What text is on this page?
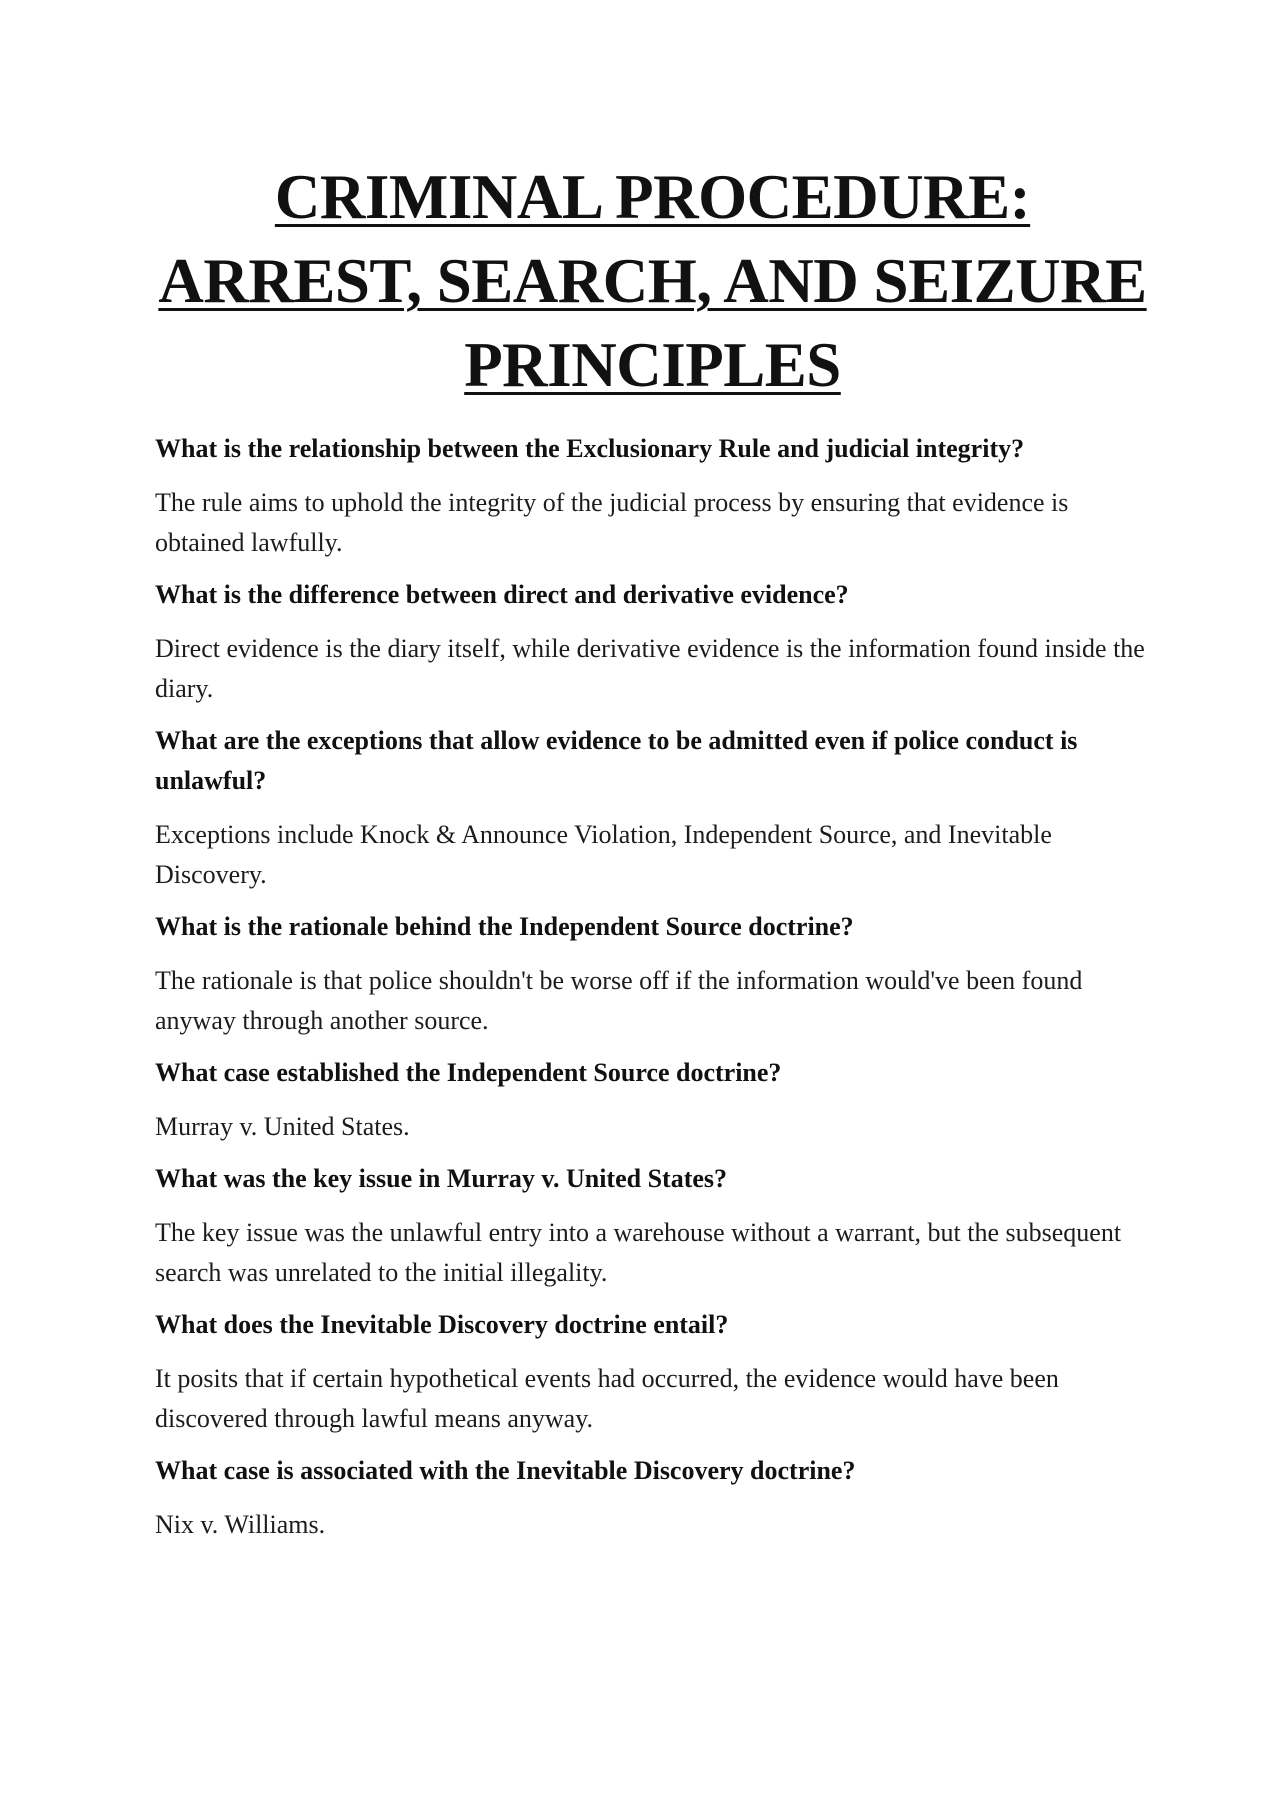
CRIMINAL PROCEDURE:
ARREST, SEARCH, AND SEIZURE
PRINCIPLES

What is the relationship between the Exclusionary Rule and judicial integrity?

The rule aims to uphold the integrity of the judicial process by ensuring that evidence is obtained lawfully.

What is the difference between direct and derivative evidence?

Direct evidence is the diary itself, while derivative evidence is the information found inside the diary.

What are the exceptions that allow evidence to be admitted even if police conduct is unlawful?

Exceptions include Knock & Announce Violation, Independent Source, and Inevitable Discovery.

What is the rationale behind the Independent Source doctrine?

The rationale is that police shouldn't be worse off if the information would've been found anyway through another source.

What case established the Independent Source doctrine?

Murray v. United States.

What was the key issue in Murray v. United States?

The key issue was the unlawful entry into a warehouse without a warrant, but the subsequent search was unrelated to the initial illegality.

What does the Inevitable Discovery doctrine entail?

It posits that if certain hypothetical events had occurred, the evidence would have been discovered through lawful means anyway.

What case is associated with the Inevitable Discovery doctrine?

Nix v. Williams.
